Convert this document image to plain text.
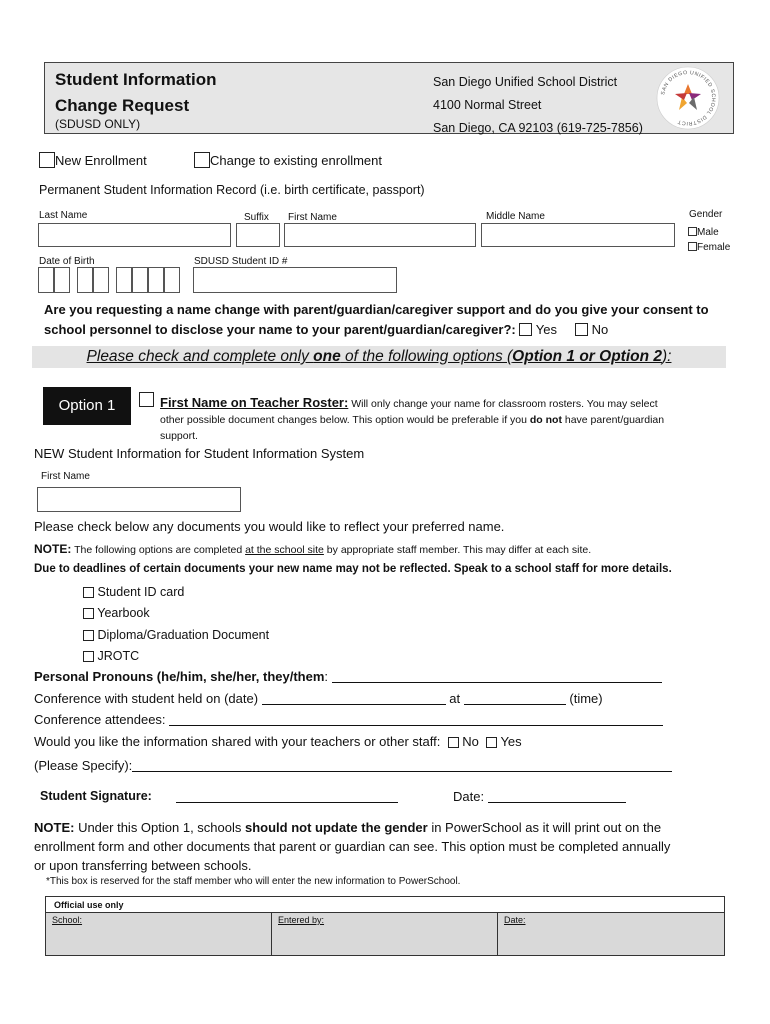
Student Information
Change Request
(SDUSD ONLY)
San Diego Unified School District
4100 Normal Street
San Diego, CA 92103 (619-725-7856)
SAN DIEGO UNIFIED SCHOOL DISTRICT
New Enrollment	Change to existing enrollment
Permanent Student Information Record (i.e. birth certificate, passport)
Last Name	Suffix First Name	Middle Name	Gender
Male
Female
Date of Birth	SDUSD Student ID #
Are you requesting a name change with parent/guardian/caregiver support and do you give your consent to
school personnel to disclose your name to your parent/guardian/caregiver?: Yes	No
Please check and complete only one of the following options (Option 1 or Option 2):
Option 1	First Name on Teacher Roster: Will only change your name for classroom rosters. You may select
other possible document changes below. This option would be preferable if you do not have parent/guardian
support.
NEW Student Information for Student Information System
First Name
Please check below any documents you would like to reflect your preferred name.
NOTE: The following options are completed at the school site by appropriate staff member. This may differ at each site.
Due to deadlines of certain documents your new name may not be reflected. Speak to a school staff for more details.
Student ID card
Yearbook
Diploma/Graduation Document
JROTC
Personal Pronouns (he/him, she/her, they/them:
Conference with student held on (date)	at	(time)
Conference attendees:
Would you like the information shared with your teachers or other staff: No Yes
(Please Specify):
Student Signature:	Date:
NOTE: Under this Option 1, schools should not update the gender in PowerSchool as it will print out on the
enrollment form and other documents that parent or guardian can see. This option must be completed annually
or upon transferring between schools.
*This box is reserved for the staff member who will enter the new information to PowerSchool.
Official use only
School:	Entered by:	Date:
